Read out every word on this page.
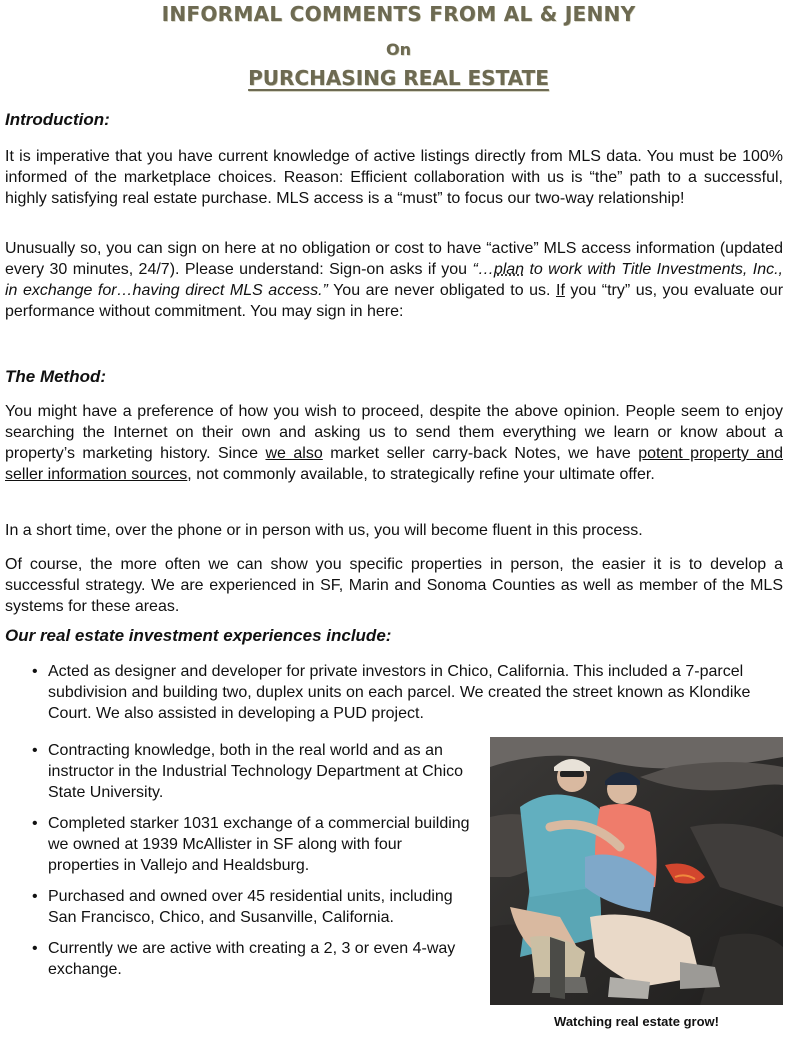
INFORMAL COMMENTS FROM AL & JENNY
On
PURCHASING REAL ESTATE
Introduction:

It is imperative that you have current knowledge of active listings directly from MLS data. You must be 100% informed of the marketplace choices. Reason: Efficient collaboration with us is “the” path to a successful, highly satisfying real estate purchase. MLS access is a “must” to focus our two-way relationship!

Unusually so, you can sign on here at no obligation or cost to have “active” MLS access information (updated every 30 minutes, 24/7). Please understand: Sign-on asks if you “…plan to work with Title Investments, Inc., in exchange for…having direct MLS access.” You are never obligated to us. If you “try” us, you evaluate our performance without commitment. You may sign in here:

The Method:

You might have a preference of how you wish to proceed, despite the above opinion. People seem to enjoy searching the Internet on their own and asking us to send them everything we learn or know about a property’s marketing history. Since we also market seller carry-back Notes, we have potent property and seller information sources, not commonly available, to strategically refine your ultimate offer.

In a short time, over the phone or in person with us, you will become fluent in this process.

Of course, the more often we can show you specific properties in person, the easier it is to develop a successful strategy. We are experienced in SF, Marin and Sonoma Counties as well as member of the MLS systems for these areas.

Our real estate investment experiences include:
• Acted as designer and developer for private investors in Chico, California. This included a 7-parcel subdivision and building two, duplex units on each parcel. We created the street known as Klondike Court. We also assisted in developing a PUD project.
• Contracting knowledge, both in the real world and as an instructor in the Industrial Technology Department at Chico State University.
• Completed starker 1031 exchange of a commercial building we owned at 1939 McAllister in SF along with four properties in Vallejo and Healdsburg.
• Purchased and owned over 45 residential units, including San Francisco, Chico, and Susanville, California.
• Currently we are active with creating a 2, 3 or even 4-way exchange.
Watching real estate grow!
